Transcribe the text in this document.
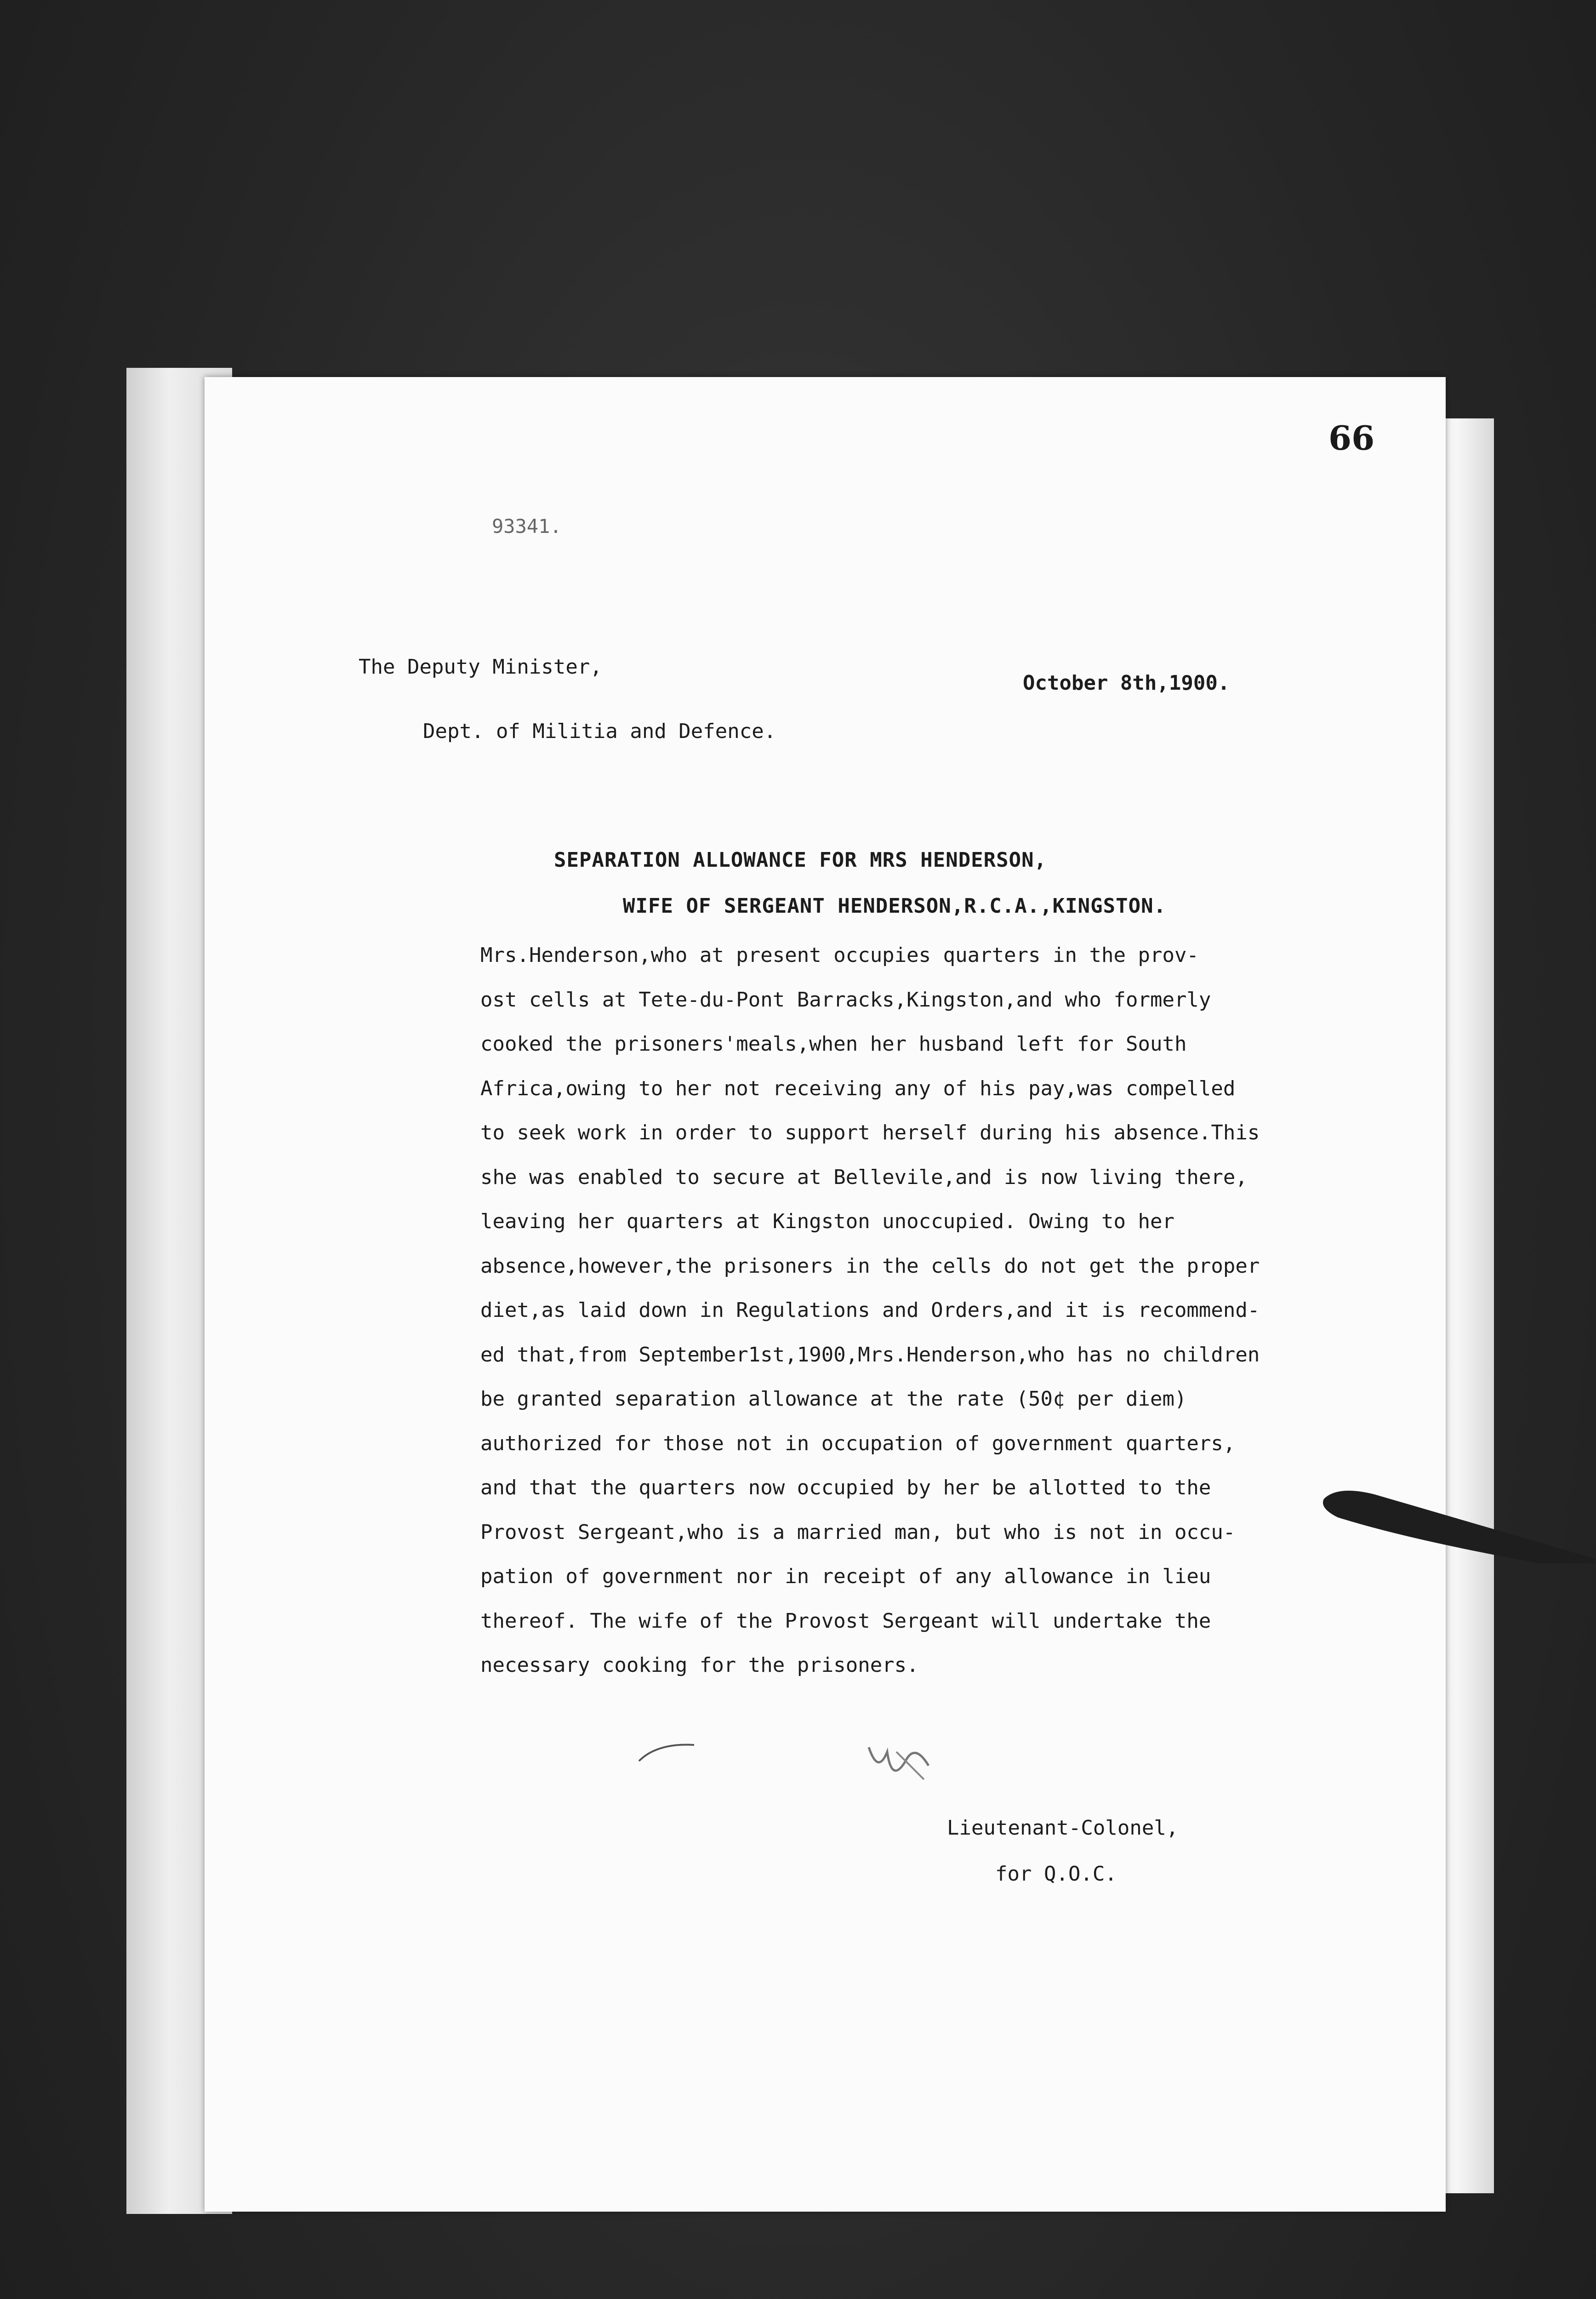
66
93341.
The Deputy Minister,
Dept. of Militia and Defence.
October 8th,1900.
SEPARATION ALLOWANCE FOR MRS HENDERSON,
WIFE OF SERGEANT HENDERSON,R.C.A.,KINGSTON.
Mrs.Henderson,who at present occupies quarters in the prov-
ost cells at Tete-du-Pont Barracks,Kingston,and who formerly
cooked the prisoners'meals,when her husband left for South
Africa,owing to her not receiving any of his pay,was compelled
to seek work in order to support herself during his absence.This
she was enabled to secure at Bellevile,and is now living there,
leaving her quarters at Kingston unoccupied. Owing to her
absence,however,the prisoners in the cells do not get the proper
diet,as laid down in Regulations and Orders,and it is recommend-
ed that,from September1st,1900,Mrs.Henderson,who has no children
be granted separation allowance at the rate (50¢ per diem)
authorized for those not in occupation of government quarters,
and that the quarters now occupied by her be allotted to the
Provost Sergeant,who is a married man, but who is not in occu-
pation of government nor in receipt of any allowance in lieu
thereof. The wife of the Provost Sergeant will undertake the
necessary cooking for the prisoners.
Lieutenant-Colonel,
for Q.O.C.
